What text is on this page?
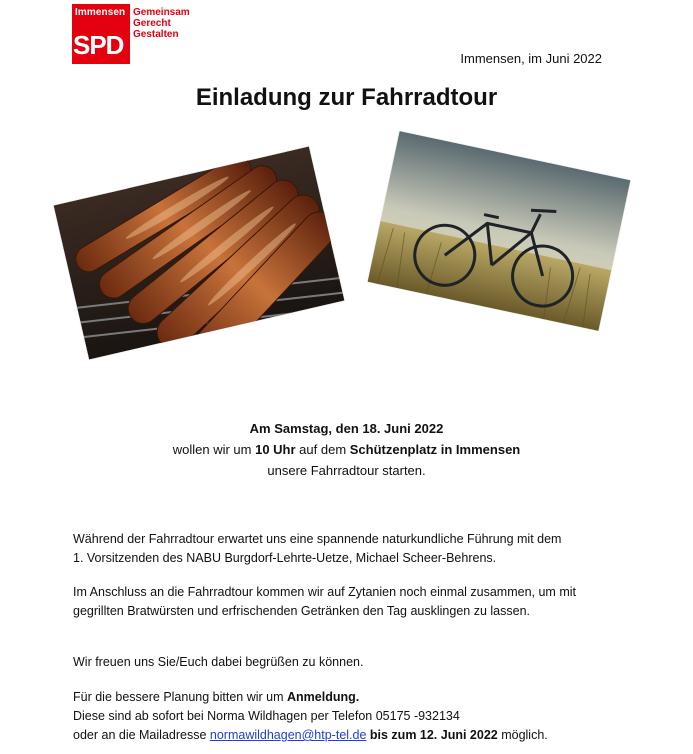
Immensen
SPD
Gemeinsam
Gerecht
Gestalten
Immensen, im Juni 2022
Einladung zur Fahrradtour
Am Samstag, den 18. Juni 2022
wollen wir um 10 Uhr auf dem Schützenplatz in Immensen
unsere Fahrradtour starten.
Während der Fahrradtour erwartet uns eine spannende naturkundliche Führung mit dem
1. Vorsitzenden des NABU Burgdorf-Lehrte-Uetze, Michael Scheer-Behrens.
Im Anschluss an die Fahrradtour kommen wir auf Zytanien noch einmal zusammen, um mit
gegrillten Bratwürsten und erfrischenden Getränken den Tag ausklingen zu lassen.
Wir freuen uns Sie/Euch dabei begrüßen zu können.
Für die bessere Planung bitten wir um Anmeldung.
Diese sind ab sofort bei Norma Wildhagen per Telefon 05175 -932134
oder an die Mailadresse normawildhagen@htp-tel.de bis zum 12. Juni 2022 möglich.
